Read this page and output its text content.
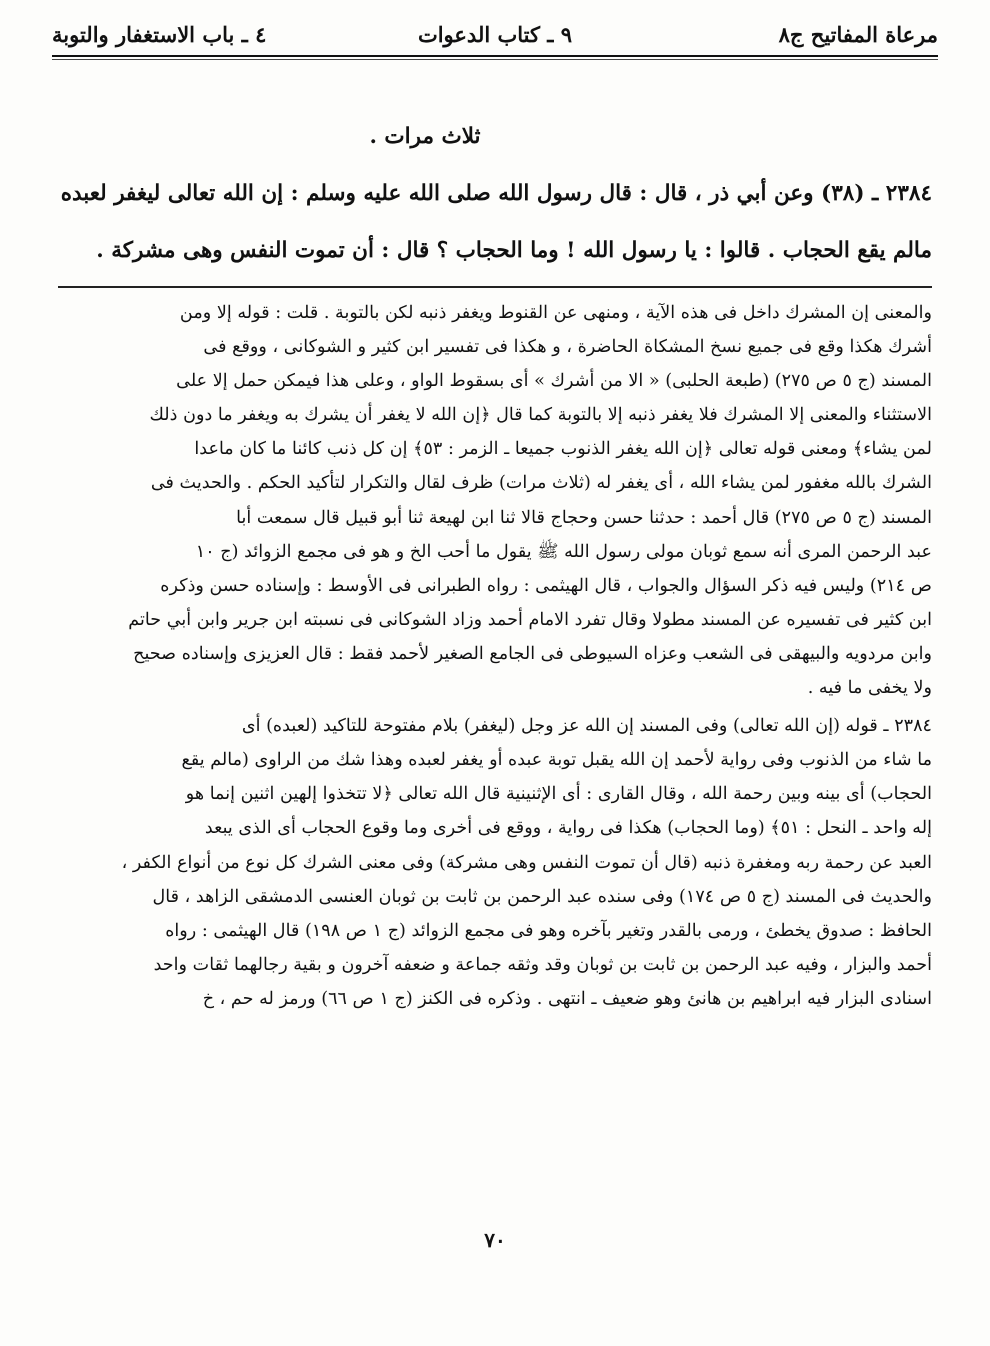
مرعاة المفاتيح ج٨
٩ ـ كتاب الدعوات
٤ ـ باب الاستغفار والتوبة

ثلاث مرات .

٢٣٨٤ ـ (٣٨) وعن أبي ذر ، قال : قال رسول الله صلى الله عليه وسلم : إن الله تعالى ليغفر لعبده

مالم يقع الحجاب . قالوا : يا رسول الله ! وما الحجاب ؟ قال : أن تموت النفس وهى مشركة .

والمعنى إن المشرك داخل فى هذه الآية ، ومنهى عن القنوط ويغفر ذنبه لكن بالتوبة . قلت : قوله إلا ومن
أشرك هكذا وقع فى جميع نسخ المشكاة الحاضرة ، و هكذا فى تفسير ابن كثير و الشوكانى ، ووقع فى
المسند (ج ٥ ص ٢٧٥) (طبعة الحلبى) « الا من أشرك » أى بسقوط الواو ، وعلى هذا فيمكن حمل إلا على
الاستثناء والمعنى إلا المشرك فلا يغفر ذنبه إلا بالتوبة كما قال ﴿إن الله لا يغفر أن يشرك به ويغفر ما دون ذلك
لمن يشاء﴾ ومعنى قوله تعالى ﴿إن الله يغفر الذنوب جميعا ـ الزمر : ٥٣﴾ إن كل ذنب كائنا ما كان ماعدا
الشرك بالله مغفور لمن يشاء الله ، أى يغفر له (ثلاث مرات) ظرف لقال والتكرار لتأكيد الحكم . والحديث فى
المسند (ج ٥ ص ٢٧٥) قال أحمد : حدثنا حسن وحجاج قالا ثنا ابن لهيعة ثنا أبو قبيل قال سمعت أبا
عبد الرحمن المرى أنه سمع ثوبان مولى رسول الله ﷺ يقول ما أحب الخ و هو فى مجمع الزوائد (ج ١٠
ص ٢١٤) وليس فيه ذكر السؤال والجواب ، قال الهيثمى : رواه الطبرانى فى الأوسط : وإسناده حسن وذكره
ابن كثير فى تفسيره عن المسند مطولا وقال تفرد الامام أحمد وزاد الشوكانى فى نسبته ابن جرير وابن أبي حاتم
وابن مردويه والبيهقى فى الشعب وعزاه السيوطى فى الجامع الصغير لأحمد فقط : قال العزيزى وإسناده صحيح
ولا يخفى ما فيه .
٢٣٨٤ ـ قوله (إن الله تعالى) وفى المسند إن الله عز وجل (ليغفر) بلام مفتوحة للتاكيد (لعبده) أى
ما شاء من الذنوب وفى رواية لأحمد إن الله يقبل توبة عبده أو يغفر لعبده وهذا شك من الراوى (مالم يقع
الحجاب) أى بينه وبين رحمة الله ، وقال القارى : أى الإثنينية قال الله تعالى ﴿لا تتخذوا إلهين اثنين إنما هو
إله واحد ـ النحل : ٥١﴾ (وما الحجاب) هكذا فى رواية ، ووقع فى أخرى وما وقوع الحجاب أى الذى يبعد
العبد عن رحمة ربه ومغفرة ذنبه (قال أن تموت النفس وهى مشركة) وفى معنى الشرك كل نوع من أنواع الكفر ،
والحديث فى المسند (ج ٥ ص ١٧٤) وفى سنده عبد الرحمن بن ثابت بن ثوبان العنسى الدمشقى الزاهد ، قال
الحافظ : صدوق يخطئ ، ورمى بالقدر وتغير بآخره وهو فى مجمع الزوائد (ج ١ ص ١٩٨) قال الهيثمى : رواه
أحمد والبزار ، وفيه عبد الرحمن بن ثابت بن ثوبان وقد وثقه جماعة و ضعفه آخرون و بقية رجالهما ثقات واحد
اسنادى البزار فيه ابراهيم بن هانئ وهو ضعيف ـ انتهى . وذكره فى الكنز (ج ١ ص ٦٦) ورمز له حم ، خ
٧٠
